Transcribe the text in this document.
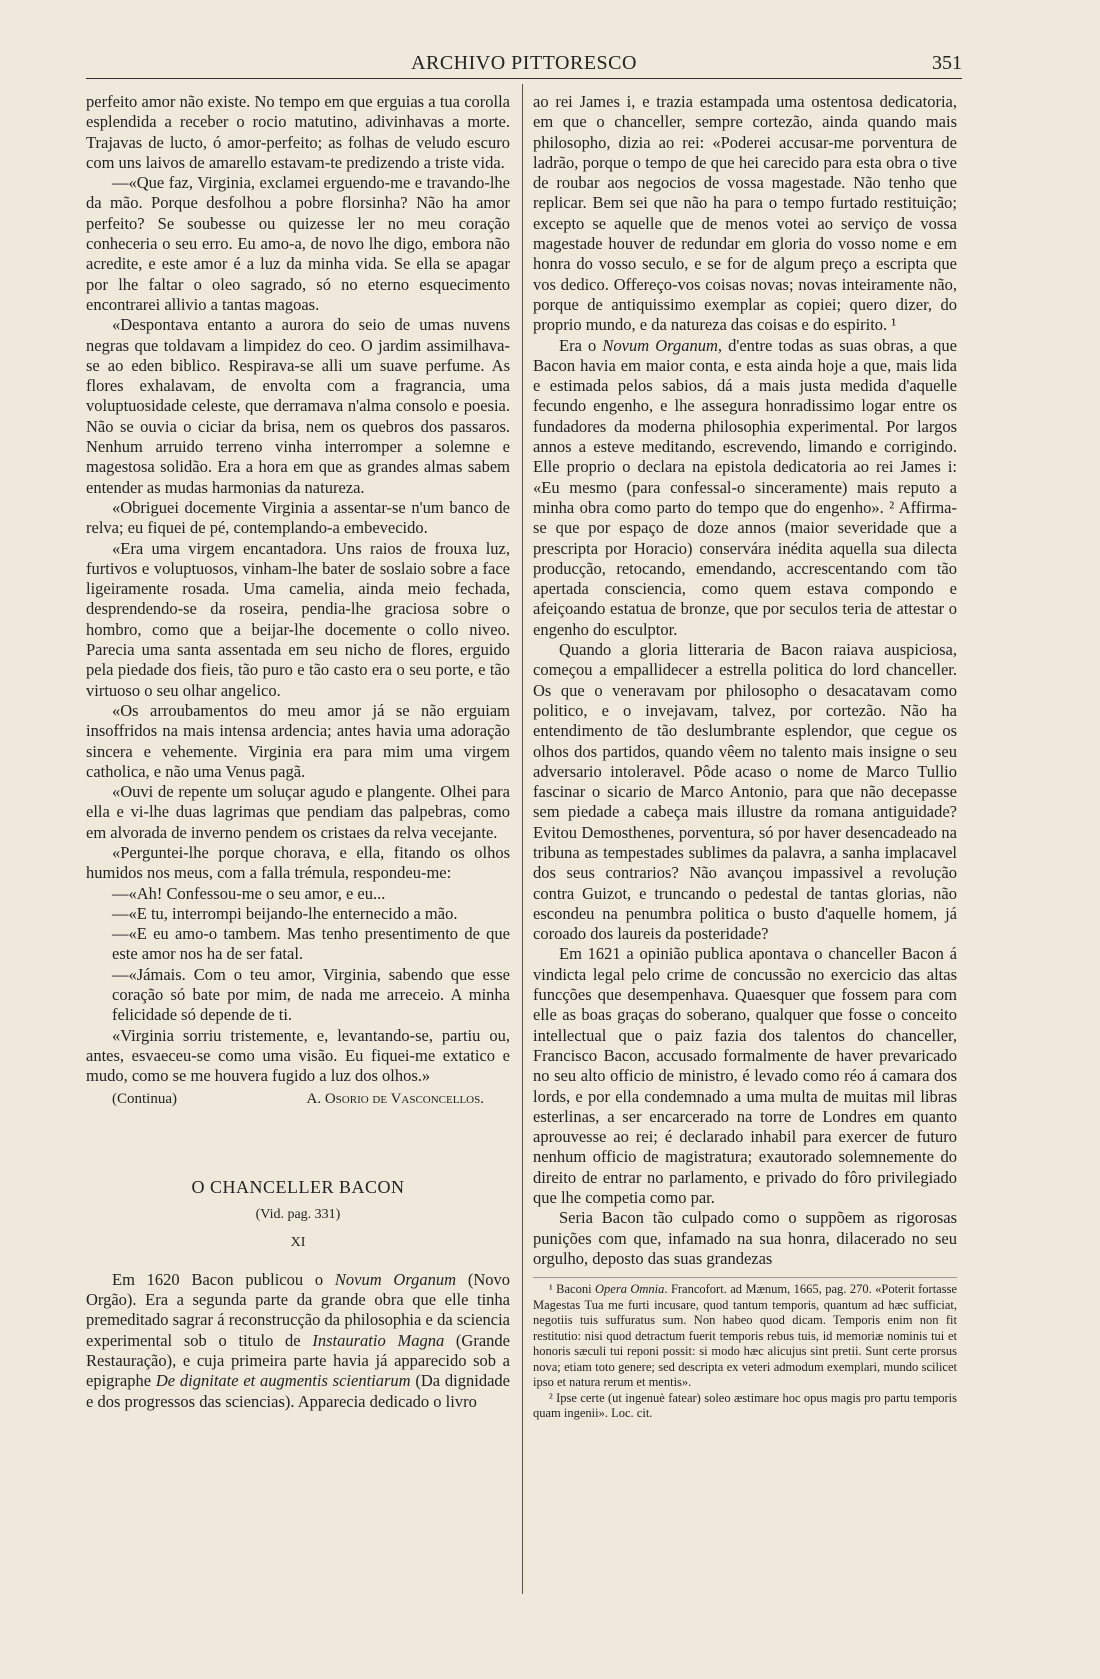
ARCHIVO PITTORESCO	351

perfeito amor não existe. No tempo em que erguias a tua corolla esplendida a receber o rocio matutino, adivinhavas a morte. Trajavas de lucto, ó amor-perfeito; as folhas de veludo escuro com uns laivos de amarello estavam-te predizendo a triste vida.

—«Que faz, Virginia, exclamei erguendo-me e travando-lhe da mão. Porque desfolhou a pobre florsinha? Não ha amor perfeito? Se soubesse ou quizesse ler no meu coração conheceria o seu erro. Eu amo-a, de novo lhe digo, embora não acredite, e este amor é a luz da minha vida. Se ella se apagar por lhe faltar o oleo sagrado, só no eterno esquecimento encontrarei allivio a tantas magoas.

«Despontava entanto a aurora do seio de umas nuvens negras que toldavam a limpidez do ceo. O jardim assimilhava-se ao eden biblico. Respirava-se alli um suave perfume. As flores exhalavam, de envolta com a fragrancia, uma voluptuosidade celeste, que derramava n'alma consolo e poesia. Não se ouvia o ciciar da brisa, nem os quebros dos passaros. Nenhum arruido terreno vinha interromper a solemne e magestosa solidão. Era a hora em que as grandes almas sabem entender as mudas harmonias da natureza.

«Obriguei docemente Virginia a assentar-se n'um banco de relva; eu fiquei de pé, contemplando-a embevecido.

«Era uma virgem encantadora. Uns raios de frouxa luz, furtivos e voluptuosos, vinham-lhe bater de soslaio sobre a face ligeiramente rosada. Uma camelia, ainda meio fechada, desprendendo-se da roseira, pendia-lhe graciosa sobre o hombro, como que a beijar-lhe docemente o collo niveo. Parecia uma santa assentada em seu nicho de flores, erguido pela piedade dos fieis, tão puro e tão casto era o seu porte, e tão virtuoso o seu olhar angelico.

«Os arroubamentos do meu amor já se não erguiam insoffridos na mais intensa ardencia; antes havia uma adoração sincera e vehemente. Virginia era para mim uma virgem catholica, e não uma Venus pagã.

«Ouvi de repente um soluçar agudo e plangente. Olhei para ella e vi-lhe duas lagrimas que pendiam das palpebras, como em alvorada de inverno pendem os cristaes da relva vecejante.

«Perguntei-lhe porque chorava, e ella, fitando os olhos humidos nos meus, com a falla trémula, respondeu-me:

—«Ah! Confessou-me o seu amor, e eu...

—«E tu, interrompi beijando-lhe enternecido a mão.

—«E eu amo-o tambem. Mas tenho presentimento de que este amor nos ha de ser fatal.

—«Jámais. Com o teu amor, Virginia, sabendo que esse coração só bate por mim, de nada me arreceio. A minha felicidade só depende de ti.

«Virginia sorriu tristemente, e, levantando-se, partiu ou, antes, esvaeceu-se como uma visão. Eu fiquei-me extatico e mudo, como se me houvera fugido a luz dos olhos.»

(Continua)	A. Osorio de Vasconcellos.
O CHANCELLER BACON
(Vid. pag. 331)
XI

Em 1620 Bacon publicou o Novum Organum (Novo Orgão). Era a segunda parte da grande obra que elle tinha premeditado sagrar á reconstrucção da philosophia e da sciencia experimental sob o titulo de Instauratio Magna (Grande Restauração), e cuja primeira parte havia já apparecido sob a epigraphe De dignitate et augmentis scientiarum (Da dignidade e dos progressos das sciencias). Apparecia dedicado o livro

ao rei James i, e trazia estampada uma ostentosa dedicatoria, em que o chanceller, sempre cortezão, ainda quando mais philosopho, dizia ao rei: «Poderei accusar-me porventura de ladrão, porque o tempo de que hei carecido para esta obra o tive de roubar aos negocios de vossa magestade. Não tenho que replicar. Bem sei que não ha para o tempo furtado restituição; excepto se aquelle que de menos votei ao serviço de vossa magestade houver de redundar em gloria do vosso nome e em honra do vosso seculo, e se for de algum preço a escripta que vos dedico. Offereço-vos coisas novas; novas inteiramente não, porque de antiquissimo exemplar as copiei; quero dizer, do proprio mundo, e da natureza das coisas e do espirito. ¹

Era o Novum Organum, d'entre todas as suas obras, a que Bacon havia em maior conta, e esta ainda hoje a que, mais lida e estimada pelos sabios, dá a mais justa medida d'aquelle fecundo engenho, e lhe assegura honradissimo logar entre os fundadores da moderna philosophia experimental. Por largos annos a esteve meditando, escrevendo, limando e corrigindo. Elle proprio o declara na epistola dedicatoria ao rei James i: «Eu mesmo (para confessal-o sinceramente) mais reputo a minha obra como parto do tempo que do engenho». ² Affirma-se que por espaço de doze annos (maior severidade que a prescripta por Horacio) conservára inédita aquella sua dilecta producção, retocando, emendando, accrescentando com tão apertada consciencia, como quem estava compondo e afeiçoando estatua de bronze, que por seculos teria de attestar o engenho do esculptor.

Quando a gloria litteraria de Bacon raiava auspiciosa, começou a empallidecer a estrella politica do lord chanceller. Os que o veneravam por philosopho o desacatavam como politico, e o invejavam, talvez, por cortezão. Não ha entendimento de tão deslumbrante esplendor, que cegue os olhos dos partidos, quando vêem no talento mais insigne o seu adversario intoleravel. Pôde acaso o nome de Marco Tullio fascinar o sicario de Marco Antonio, para que não decepasse sem piedade a cabeça mais illustre da romana antiguidade? Evitou Demosthenes, porventura, só por haver desencadeado na tribuna as tempestades sublimes da palavra, a sanha implacavel dos seus contrarios? Não avançou impassivel a revolução contra Guizot, e truncando o pedestal de tantas glorias, não escondeu na penumbra politica o busto d'aquelle homem, já coroado dos laureis da posteridade?

Em 1621 a opinião publica apontava o chanceller Bacon á vindicta legal pelo crime de concussão no exercicio das altas funcções que desempenhava. Quaesquer que fossem para com elle as boas graças do soberano, qualquer que fosse o conceito intellectual que o paiz fazia dos talentos do chanceller, Francisco Bacon, accusado formalmente de haver prevaricado no seu alto officio de ministro, é levado como réo á camara dos lords, e por ella condemnado a uma multa de muitas mil libras esterlinas, a ser encarcerado na torre de Londres em quanto aprouvesse ao rei; é declarado inhabil para exercer de futuro nenhum officio de magistratura; exautorado solemnemente do direito de entrar no parlamento, e privado do fôro privilegiado que lhe competia como par.

Seria Bacon tão culpado como o suppõem as rigorosas punições com que, infamado na sua honra, dilacerado no seu orgulho, deposto das suas grandezas

¹ Baconi Opera Omnia. Francofort. ad Mænum, 1665, pag. 270. «Poterit fortasse Magestas Tua me furti incusare, quod tantum temporis, quantum ad hæc sufficiat, negotiis tuis suffuratus sum. Non habeo quod dicam. Temporis enim non fit restitutio: nisi quod detractum fuerit temporis rebus tuis, id memoriæ nominis tui et honoris sæculi tui reponi possit: si modo hæc alicujus sint pretii. Sunt certe prorsus nova; etiam toto genere; sed descripta ex veteri admodum exemplari, mundo scilicet ipso et natura rerum et mentis».

² Ipse certe (ut ingenuè fatear) soleo æstimare hoc opus magis pro partu temporis quam ingenii». Loc. cit.
